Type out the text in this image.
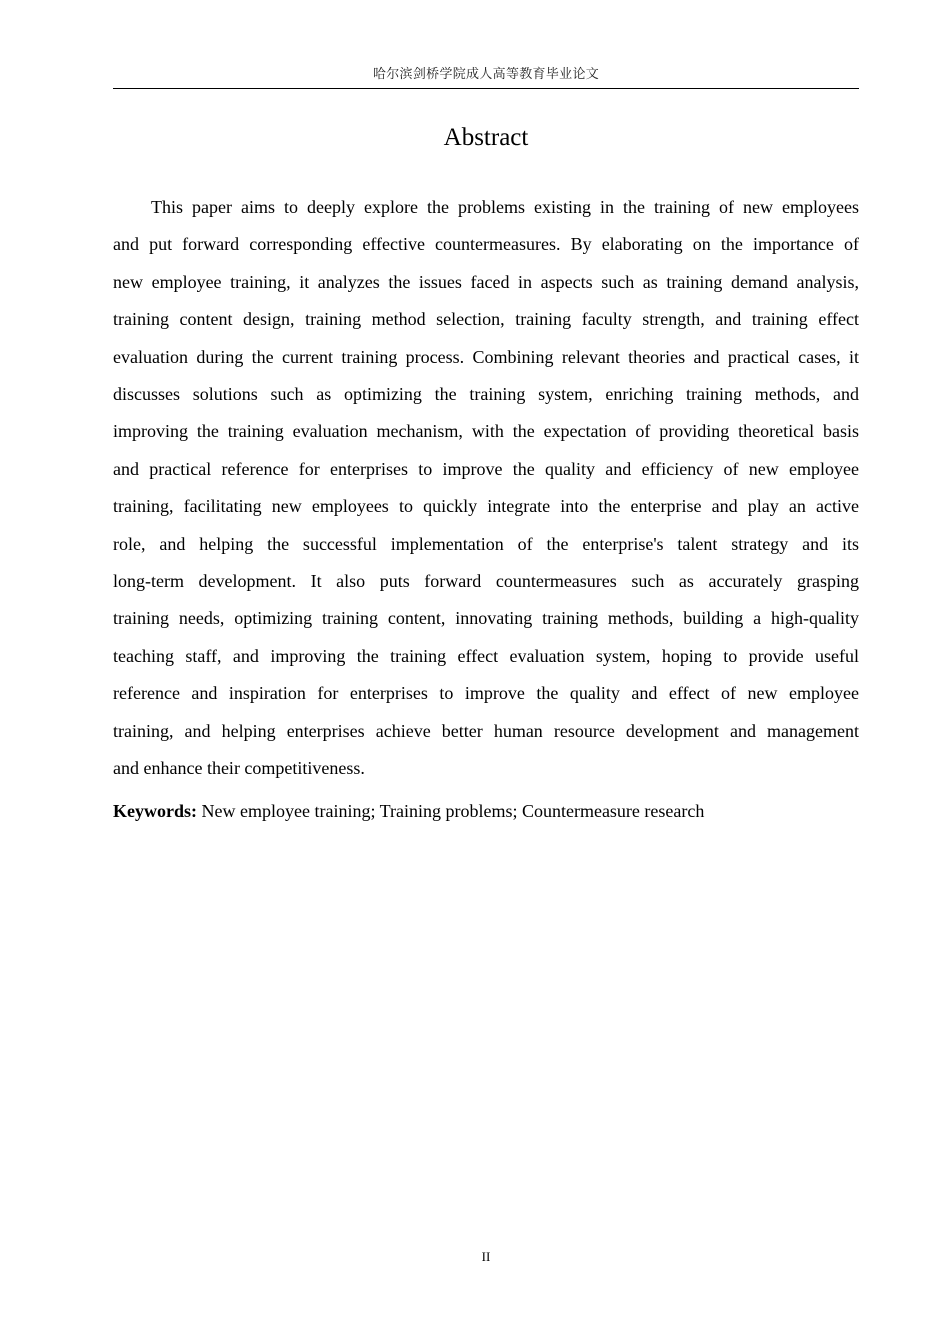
哈尔滨剑桥学院成人高等教育毕业论文
Abstract
This paper aims to deeply explore the problems existing in the training of new employees
and put forward corresponding effective countermeasures. By elaborating on the importance of
new employee training, it analyzes the issues faced in aspects such as training demand analysis,
training content design, training method selection, training faculty strength, and training effect
evaluation during the current training process. Combining relevant theories and practical cases, it
discusses solutions such as optimizing the training system, enriching training methods, and
improving the training evaluation mechanism, with the expectation of providing theoretical basis
and practical reference for enterprises to improve the quality and efficiency of new employee
training, facilitating new employees to quickly integrate into the enterprise and play an active
role, and helping the successful implementation of the enterprise's talent strategy and its
long-term development. It also puts forward countermeasures such as accurately grasping
training needs, optimizing training content, innovating training methods, building a high-quality
teaching staff, and improving the training effect evaluation system, hoping to provide useful
reference and inspiration for enterprises to improve the quality and effect of new employee
training, and helping enterprises achieve better human resource development and management
and enhance their competitiveness.

Keywords: New employee training; Training problems; Countermeasure research

II
